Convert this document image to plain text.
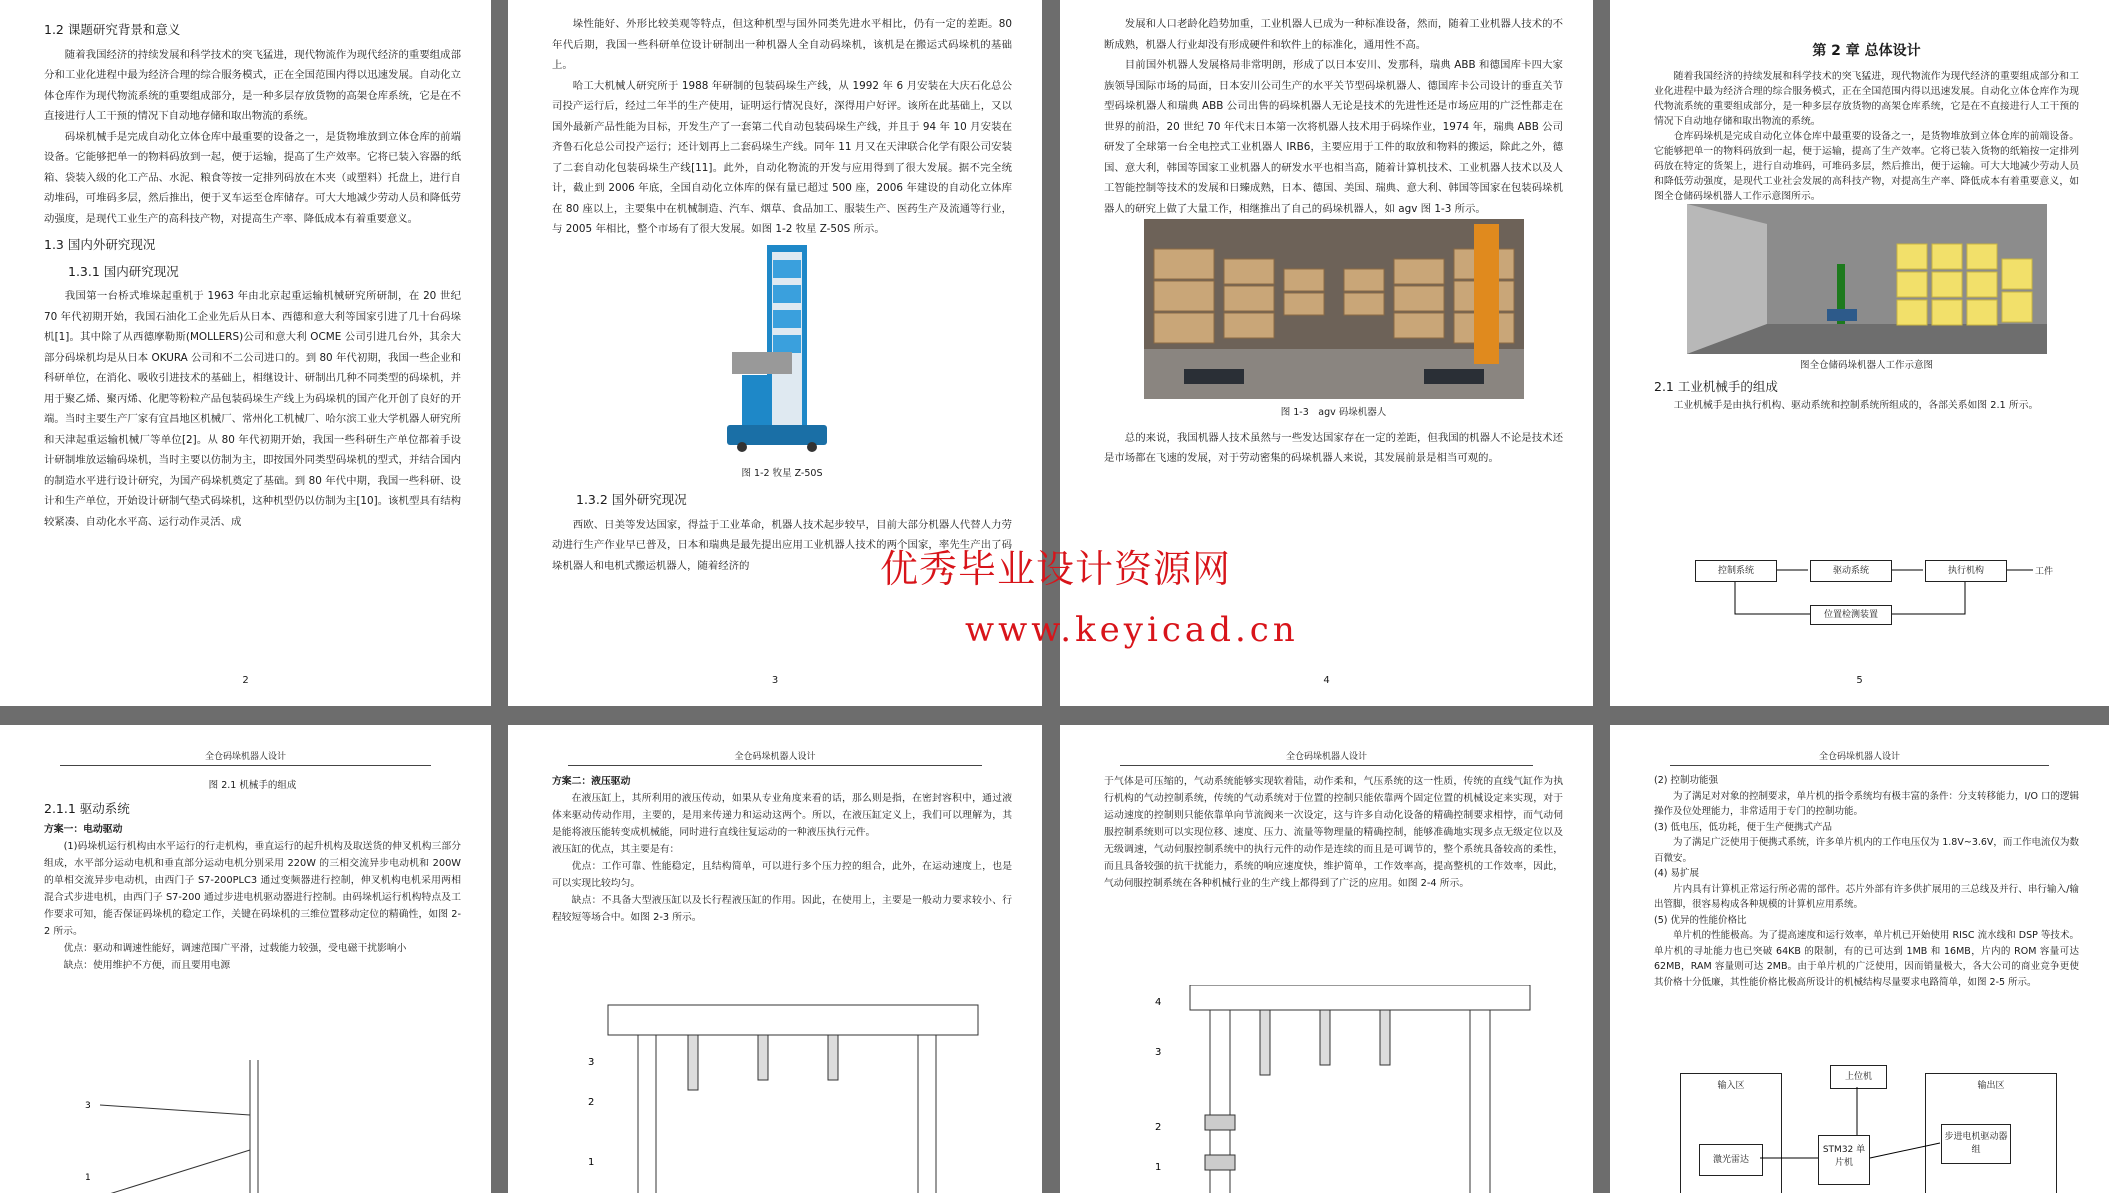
1.2 课题研究背景和意义

随着我国经济的持续发展和科学技术的突飞猛进，现代物流作为现代经济的重要组成部分和工业化进程中最为经济合理的综合服务模式，正在全国范围内得以迅速发展。自动化立体仓库作为现代物流系统的重要组成部分，是一种多层存放货物的高架仓库系统，它是在不直接进行人工干预的情况下自动地存储和取出物流的系统。

码垛机械手是完成自动化立体仓库中最重要的设备之一，是货物堆放到立体仓库的前端设备。它能够把单一的物料码放到一起，便于运输，提高了生产效率。它将已装入容器的纸箱、袋装入级的化工产品、水泥、粮食等按一定排列码放在木夹（或塑料）托盘上，进行自动堆码，可堆码多层，然后推出，便于叉车运至仓库储存。可大大地减少劳动人员和降低劳动强度，是现代工业生产的高科技产物，对提高生产率、降低成本有着重要意义。

1.3 国内外研究现况
1.3.1 国内研究现况

我国第一台桥式堆垛起重机于 1963 年由北京起重运输机械研究所研制，在 20 世纪 70 年代初期开始，我国石油化工企业先后从日本、西德和意大利等国家引进了几十台码垛机[1]。其中除了从西德摩勒斯(MOLLERS)公司和意大利 OCME 公司引进几台外，其余大部分码垛机均是从日本 OKURA 公司和不二公司进口的。到 80 年代初期，我国一些企业和科研单位，在消化、吸收引进技术的基础上，相继设计、研制出几种不同类型的码垛机，并用于聚乙烯、聚丙烯、化肥等粉粒产品包装码垛生产线上为码垛机的国产化开创了良好的开端。当时主要生产厂家有宜昌地区机械厂、常州化工机械厂、哈尔滨工业大学机器人研究所和天津起重运输机械厂等单位[2]。从 80 年代初期开始，我国一些科研生产单位都着手设计研制堆放运输码垛机，当时主要以仿制为主，即按国外同类型码垛机的型式，并结合国内的制造水平进行设计研究，为国产码垛机奠定了基础。到 80 年代中期，我国一些科研、设计和生产单位，开始设计研制气垫式码垛机，这种机型仍以仿制为主[10]。该机型具有结构较紧凑、自动化水平高、运行动作灵活、成

2

垛性能好、外形比较美观等特点，但这种机型与国外同类先进水平相比，仍有一定的差距。80 年代后期，我国一些科研单位设计研制出一种机器人全自动码垛机，该机是在搬运式码垛机的基础上。

哈工大机械人研究所于 1988 年研制的包装码垛生产线，从 1992 年 6 月安装在大庆石化总公司投产运行后，经过二年半的生产使用，证明运行情况良好，深得用户好评。该所在此基础上，又以国外最新产品性能为目标，开发生产了一套第二代自动包装码垛生产线，并且于 94 年 10 月安装在齐鲁石化总公司投产运行；还计划再上二套码垛生产线。同年 11 月又在天津联合化学有限公司安装了二套自动化包装码垛生产线[11]。此外，自动化物流的开发与应用得到了很大发展。据不完全统计，截止到 2006 年底，全国自动化立体库的保有量已超过 500 座，2006 年建设的自动化立体库在 80 座以上，主要集中在机械制造、汽车、烟草、食品加工、服装生产、医药生产及流通等行业，与 2005 年相比，整个市场有了很大发展。如图 1-2 牧星 Z-50S 所示。

图 1-2 牧星 Z-50S
1.3.2 国外研究现况

西欧、日美等发达国家，得益于工业革命，机器人技术起步较早，目前大部分机器人代替人力劳动进行生产作业早已普及，日本和瑞典是最先提出应用工业机器人技术的两个国家，率先生产出了码垛机器人和电机式搬运机器人，随着经济的

3

发展和人口老龄化趋势加重，工业机器人已成为一种标准设备，然而，随着工业机器人技术的不断成熟，机器人行业却没有形成硬件和软件上的标准化，通用性不高。

目前国外机器人发展格局非常明朗，形成了以日本安川、发那科，瑞典 ABB 和德国库卡四大家族领导国际市场的局面，日本安川公司生产的水平关节型码垛机器人、德国库卡公司设计的垂直关节型码垛机器人和瑞典 ABB 公司出售的码垛机器人无论是技术的先进性还是市场应用的广泛性都走在世界的前沿，20 世纪 70 年代末日本第一次将机器人技术用于码垛作业，1974 年，瑞典 ABB 公司研发了全球第一台全电控式工业机器人 IRB6，主要应用于工件的取放和物料的搬运，除此之外，德国、意大利，韩国等国家工业机器人的研发水平也相当高，随着计算机技术、工业机器人技术以及人工智能控制等技术的发展和日臻成熟，日本、德国、美国、瑞典、意大利、韩国等国家在包装码垛机器人的研究上做了大量工作，相继推出了自己的码垛机器人，如 agv 图 1-3 所示。

图 1-3　agv 码垛机器人

总的来说，我国机器人技术虽然与一些发达国家存在一定的差距，但我国的机器人不论是技术还是市场都在飞速的发展，对于劳动密集的码垛机器人来说，其发展前景是相当可观的。

4
第 2 章 总体设计

随着我国经济的持续发展和科学技术的突飞猛进，现代物流作为现代经济的重要组成部分和工业化进程中最为经济合理的综合服务模式，正在全国范围内得以迅速发展。自动化立体仓库作为现代物流系统的重要组成部分，是一种多层存放货物的高架仓库系统，它是在不直接进行人工干预的情况下自动地存储和取出物流的系统。

仓库码垛机是完成自动化立体仓库中最重要的设备之一，是货物堆放到立体仓库的前端设备。它能够把单一的物料码放到一起，便于运输，提高了生产效率。它将已装入货物的纸箱按一定排列码放在特定的货架上，进行自动堆码，可堆码多层，然后推出，便于运输。可大大地减少劳动人员和降低劳动强度，是现代工业社会发展的高科技产物，对提高生产率、降低成本有着重要意义，如图全仓储码垛机器人工作示意图所示。

图全仓储码垛机器人工作示意图
2.1 工业机械手的组成

工业机械手是由执行机构、驱动系统和控制系统所组成的，各部关系如图 2.1 所示。

控制系统	驱动系统	执行机构	工件
位置检测装置
5
全仓码垛机器人设计
图 2.1 机械手的组成
2.1.1 驱动系统
方案一：电动驱动

(1)码垛机运行机构由水平运行的行走机构，垂直运行的起升机构及取送货的伸叉机构三部分组成，水平部分运动电机和垂直部分运动电机分别采用 220W 的三相交流异步电动机和 200W 的单相交流异步电动机，由西门子 S7-200PLC3 通过变频器进行控制，伸叉机构电机采用两相混合式步进电机，由西门子 S7-200 通过步进电机驱动器进行控制。由码垛机运行机构特点及工作要求可知，能否保证码垛机的稳定工作，关键在码垛机的三维位置移动定位的精确性，如图 2-2 所示。

优点：驱动和调速性能好，调速范围广平滑，过载能力较强，受电磁干扰影响小

缺点：使用维护不方便，而且要用电源

3
1
全仓码垛机器人设计
方案二：液压驱动

在液压缸上，其所利用的液压传动，如果从专业角度来看的话，那么则是指，在密封容积中，通过液体来驱动传动作用，主要的，是用来传递力和运动这两个。所以，在液压缸定义上，我们可以理解为，其是能将液压能转变成机械能，同时进行直线往复运动的一种液压执行元件。

液压缸的优点，其主要是有：

优点：工作可靠、性能稳定，且结构简单，可以进行多个压力控的组合，此外，在运动速度上，也是可以实现比较均匀。

缺点：不具备大型液压缸以及长行程液压缸的作用。因此，在使用上，主要是一般动力要求较小、行程较短等场合中。如图 2-3 所示。

3
2
1
全仓码垛机器人设计

于气体是可压缩的，气动系统能够实现软着陆，动作柔和，气压系统的这一性质，传统的直线气缸作为执行机构的气动控制系统，传统的气动系统对于位置的控制只能依靠两个固定位置的机械设定来实现，对于运动速度的控制则只能依靠单向节流阀来一次设定，这与许多自动化设备的精确控制要求相悖，而气动伺服控制系统则可以实现位移、速度、压力、流量等物理量的精确控制，能够准确地实现多点无级定位以及无级调速，气动伺服控制系统中的执行元件的动作是连续的而且是可调节的，整个系统具备较高的柔性，而且具备较强的抗干扰能力，系统的响应速度快，维护简单，工作效率高，提高整机的工作效率，因此，气动伺服控制系统在各种机械行业的生产线上都得到了广泛的应用。如图 2-4 所示。

4
3
2
1
全仓码垛机器人设计
(2) 控制功能强

为了满足对对象的控制要求，单片机的指令系统均有极丰富的条件：分支转移能力，I/O 口的逻辑操作及位处理能力，非常适用于专门的控制功能。

(3) 低电压，低功耗，便于生产便携式产品

为了满足广泛使用于便携式系统，许多单片机内的工作电压仅为 1.8V~3.6V，而工作电流仅为数百微安。

(4) 易扩展

片内具有计算机正常运行所必需的部件。芯片外部有许多供扩展用的三总线及并行、串行输入/输出管脚，很容易构成各种规模的计算机应用系统。

(5) 优异的性能价格比

单片机的性能极高。为了提高速度和运行效率，单片机已开始使用 RISC 流水线和 DSP 等技术。单片机的寻址能力也已突破 64KB 的限制，有的已可达到 1MB 和 16MB，片内的 ROM 容量可达 62MB，RAM 容量则可达 2MB。由于单片机的广泛使用，因而销量极大，各大公司的商业竞争更使其价格十分低廉，其性能价格比极高所设计的机械结构尽量要求电路简单，如图 2-5 所示。

输入区
激光雷达
上位机
STM32 单片机
输出区
步进电机驱动器组
优秀毕业设计资源网
www.keyicad.cn
